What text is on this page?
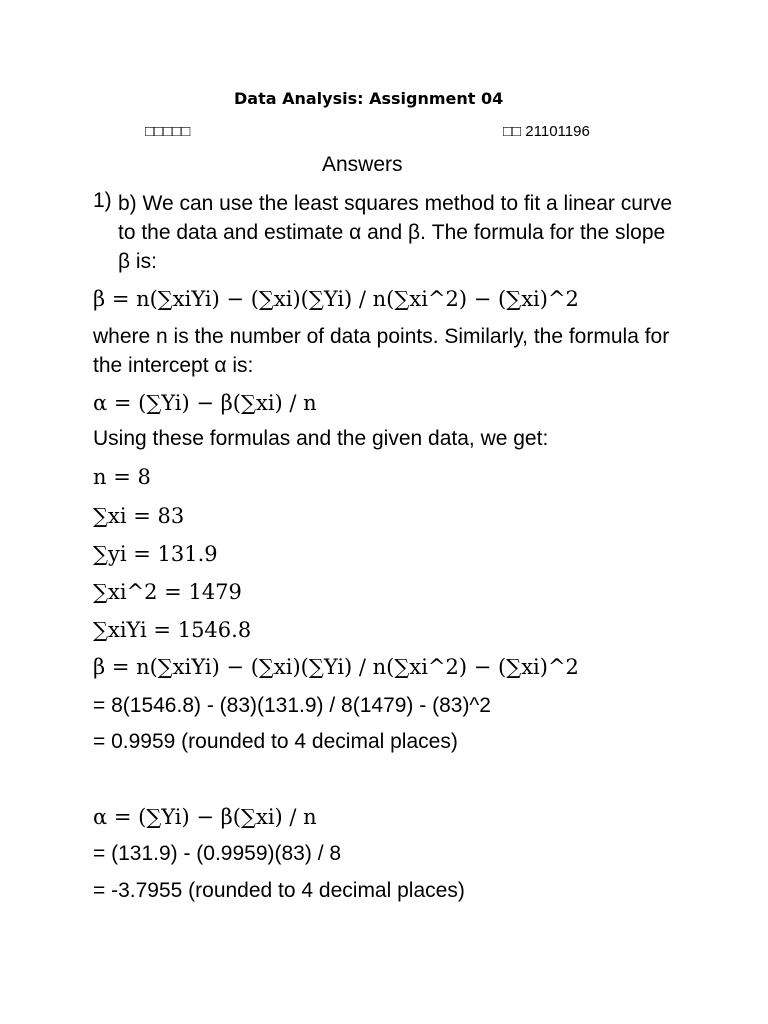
Data Analysis: Assignment 04
□□□□□	□□ 21101196
Answers
1) b) We can use the least squares method to fit a linear curve to the data and estimate α and β. The formula for the slope β is:
β = n(∑xiYi) − (∑xi)(∑Yi) / n(∑xi^2) − (∑xi)^2
where n is the number of data points. Similarly, the formula for the intercept α is:
α = (∑Yi) − β(∑xi) / n
Using these formulas and the given data, we get:
n = 8
∑xi = 83
∑yi = 131.9
∑xi^2 = 1479
∑xiYi = 1546.8
β = n(∑xiYi) − (∑xi)(∑Yi) / n(∑xi^2) − (∑xi)^2
= 8(1546.8) - (83)(131.9) / 8(1479) - (83)^2
= 0.9959 (rounded to 4 decimal places)
α = (∑Yi) − β(∑xi) / n
= (131.9) - (0.9959)(83) / 8
= -3.7955 (rounded to 4 decimal places)
